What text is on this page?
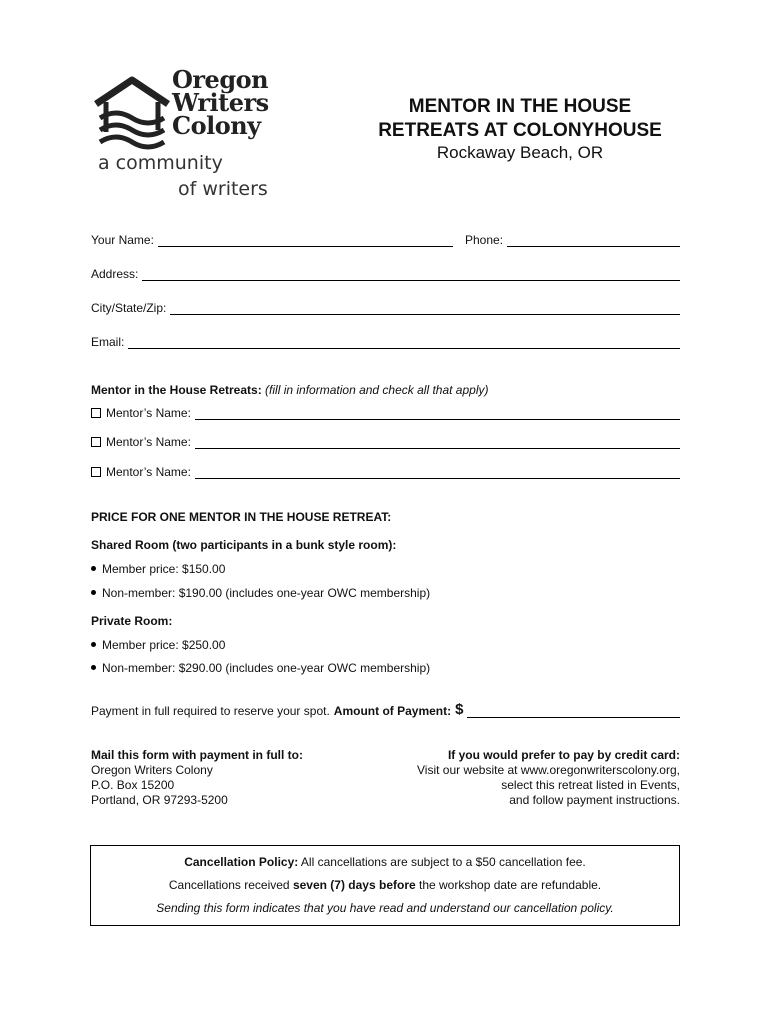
Oregon
Writers
Colony
a community
of writers
MENTOR IN THE HOUSE
RETREATS AT COLONYHOUSE
Rockaway Beach, OR
Your Name:	Phone:
Address:
City/State/Zip:
Email:
Mentor in the House Retreats: (fill in information and check all that apply)
Mentor’s Name:
Mentor’s Name:
Mentor’s Name:
PRICE FOR ONE MENTOR IN THE HOUSE RETREAT:
Shared Room (two participants in a bunk style room):
Member price: $150.00
Non-member: $190.00 (includes one-year OWC membership)
Private Room:
Member price: $250.00
Non-member: $290.00 (includes one-year OWC membership)
Payment in full required to reserve your spot. Amount of Payment: $
Mail this form with payment in full to:
Oregon Writers Colony
P.O. Box 15200
Portland, OR 97293-5200
If you would prefer to pay by credit card:
Visit our website at www.oregonwriterscolony.org,
select this retreat listed in Events,
and follow payment instructions.
Cancellation Policy: All cancellations are subject to a $50 cancellation fee.
Cancellations received seven (7) days before the workshop date are refundable.
Sending this form indicates that you have read and understand our cancellation policy.
